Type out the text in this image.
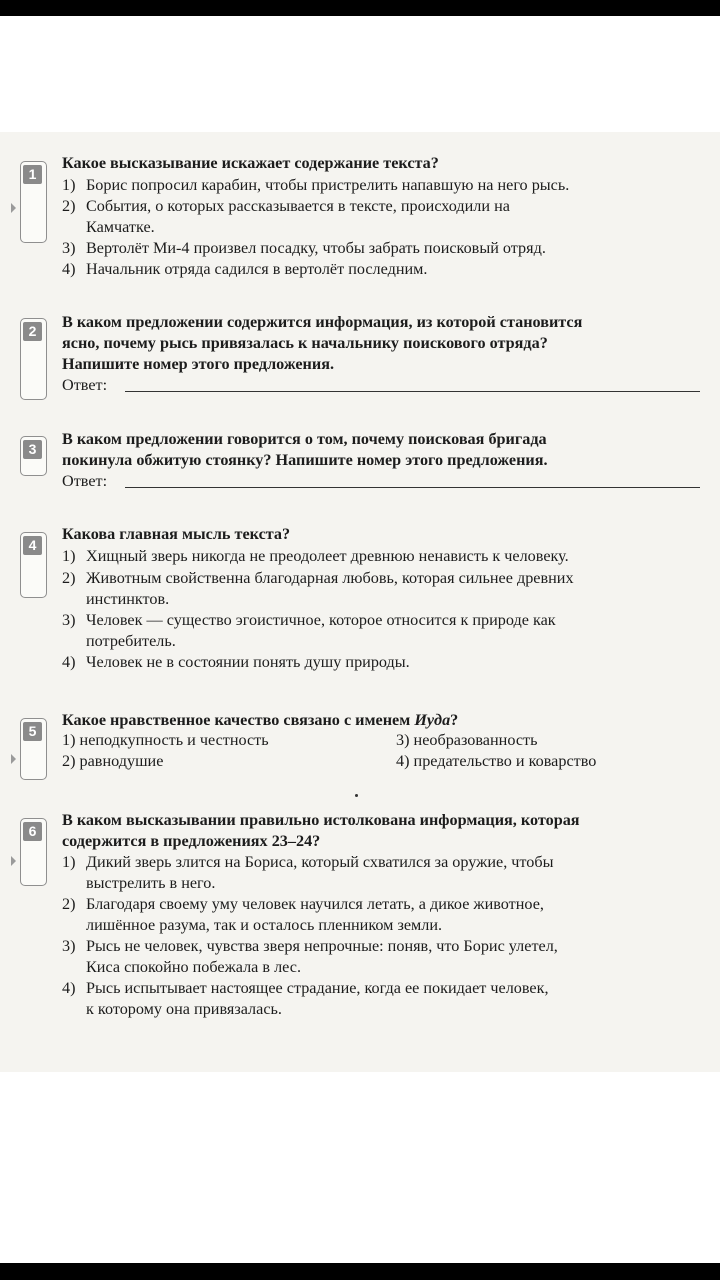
1
Какое высказывание искажает содержание текста?
1) Борис попросил карабин, чтобы пристрелить напавшую на него рысь.
2) События, о которых рассказывается в тексте, происходили на
Камчатке.
3) Вертолёт Ми-4 произвел посадку, чтобы забрать поисковый отряд.
4) Начальник отряда садился в вертолёт последним.
2	В каком предложении содержится информация, из которой становится
ясно, почему рысь привязалась к начальнику поискового отряда?
Напишите номер этого предложения.
Ответ:
3
В каком предложении говорится о том, почему поисковая бригада
покинула обжитую стоянку? Напишите номер этого предложения.
Ответ:
4
Какова главная мысль текста?
1) Хищный зверь никогда не преодолеет древнюю ненависть к человеку.
2) Животным свойственна благодарная любовь, которая сильнее древних
инстинктов.
3) Человек — существо эгоистичное, которое относится к природе как
потребитель.
4) Человек не в состоянии понять душу природы.
5
Какое нравственное качество связано с именем Иуда?
1) неподкупность и честность
2) равнодушие
3) необразованность
4) предательство и коварство
6
В каком высказывании правильно истолкована информация, которая
содержится в предложениях 23–24?
1) Дикий зверь злится на Бориса, который схватился за оружие, чтобы
выстрелить в него.
2) Благодаря своему уму человек научился летать, а дикое животное,
лишённое разума, так и осталось пленником земли.
3) Рысь не человек, чувства зверя непрочные: поняв, что Борис улетел,
Киса спокойно побежала в лес.
4) Рысь испытывает настоящее страдание, когда ее покидает человек,
к которому она привязалась.
